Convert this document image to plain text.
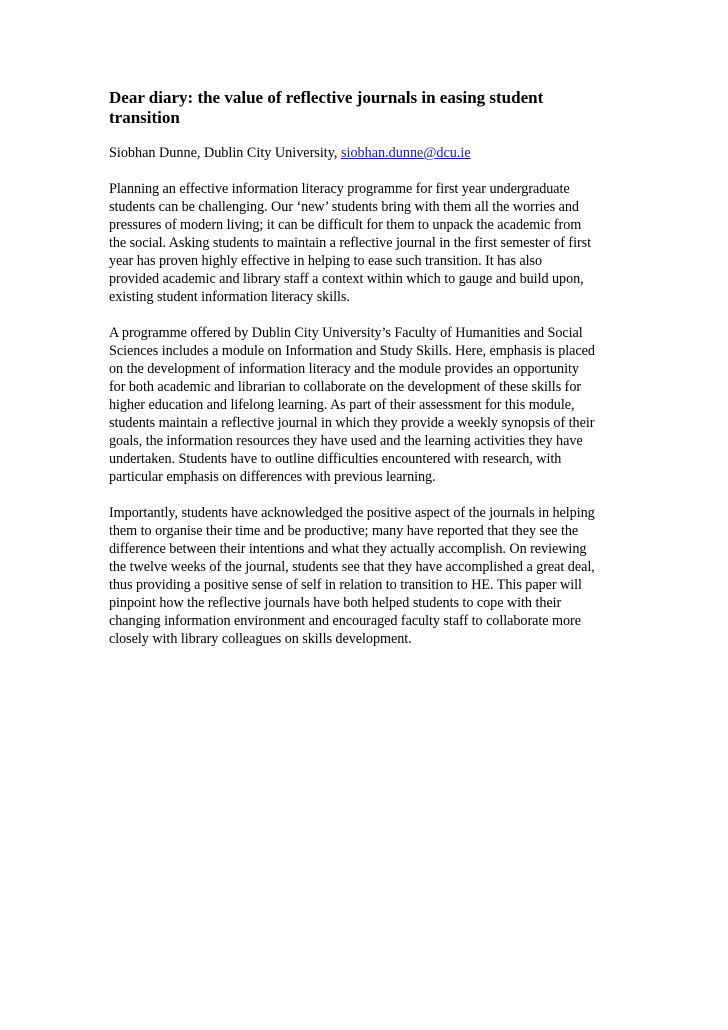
Dear diary: the value of reflective journals in easing student
transition

Siobhan Dunne, Dublin City University, siobhan.dunne@dcu.ie

Planning an effective information literacy programme for first year undergraduate
students can be challenging. Our ‘new’ students bring with them all the worries and
pressures of modern living; it can be difficult for them to unpack the academic from
the social. Asking students to maintain a reflective journal in the first semester of first
year has proven highly effective in helping to ease such transition. It has also
provided academic and library staff a context within which to gauge and build upon,
existing student information literacy skills.

A programme offered by Dublin City University’s Faculty of Humanities and Social
Sciences includes a module on Information and Study Skills. Here, emphasis is placed
on the development of information literacy and the module provides an opportunity
for both academic and librarian to collaborate on the development of these skills for
higher education and lifelong learning. As part of their assessment for this module,
students maintain a reflective journal in which they provide a weekly synopsis of their
goals, the information resources they have used and the learning activities they have
undertaken. Students have to outline difficulties encountered with research, with
particular emphasis on differences with previous learning.

Importantly, students have acknowledged the positive aspect of the journals in helping
them to organise their time and be productive; many have reported that they see the
difference between their intentions and what they actually accomplish. On reviewing
the twelve weeks of the journal, students see that they have accomplished a great deal,
thus providing a positive sense of self in relation to transition to HE. This paper will
pinpoint how the reflective journals have both helped students to cope with their
changing information environment and encouraged faculty staff to collaborate more
closely with library colleagues on skills development.
